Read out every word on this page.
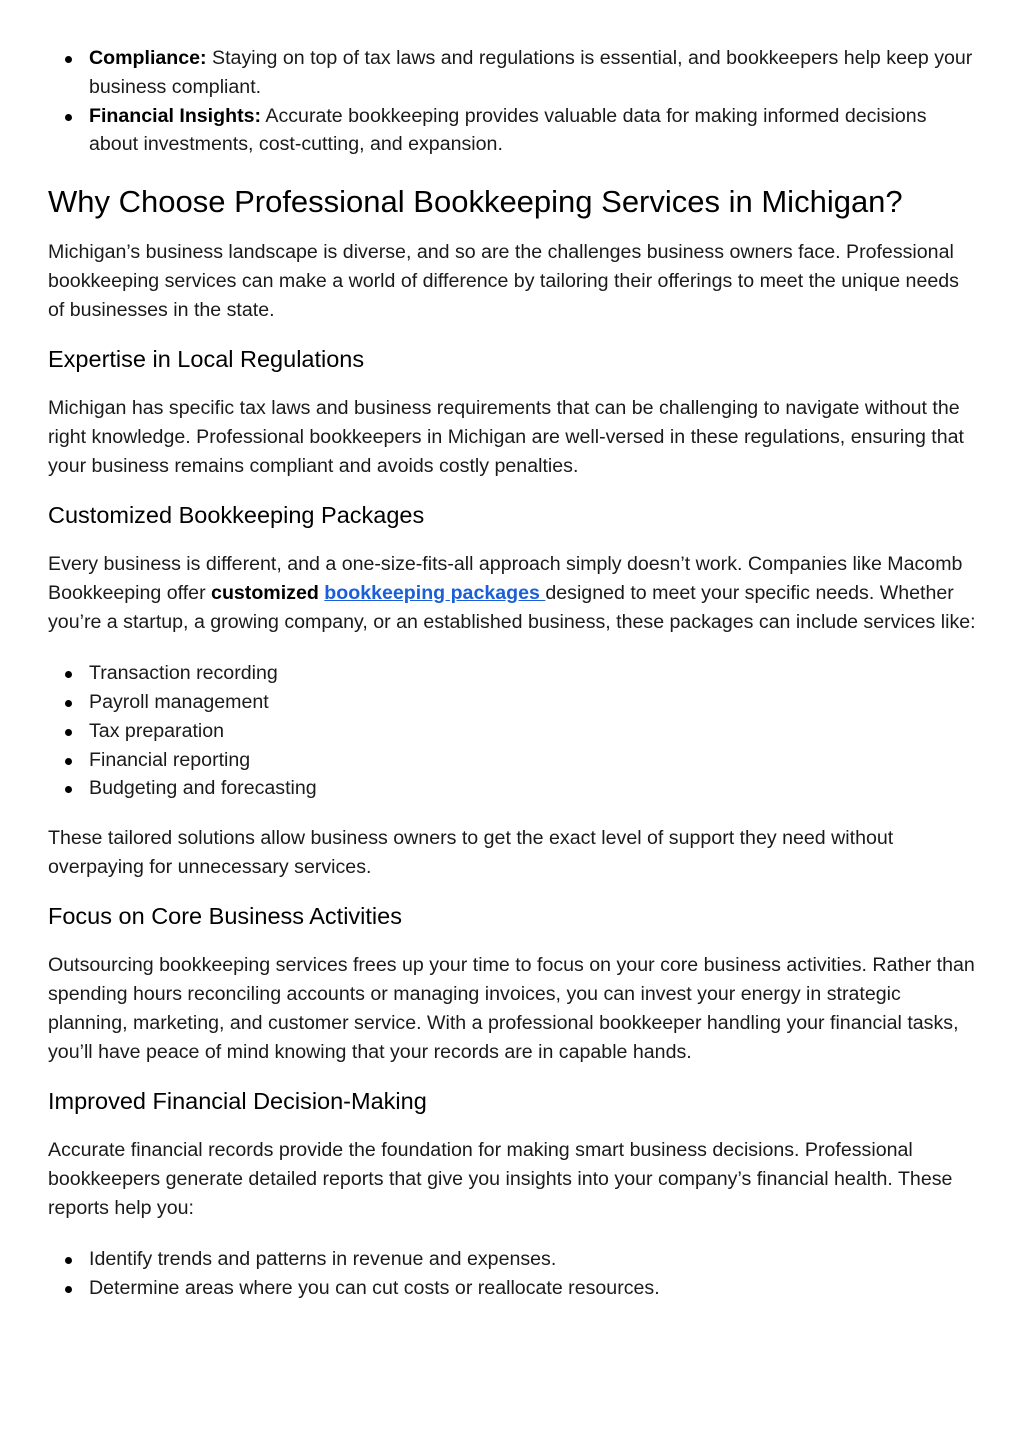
Compliance: Staying on top of tax laws and regulations is essential, and bookkeepers help keep your business compliant.
Financial Insights: Accurate bookkeeping provides valuable data for making informed decisions about investments, cost-cutting, and expansion.
Why Choose Professional Bookkeeping Services in Michigan?

Michigan’s business landscape is diverse, and so are the challenges business owners face. Professional bookkeeping services can make a world of difference by tailoring their offerings to meet the unique needs of businesses in the state.

Expertise in Local Regulations

Michigan has specific tax laws and business requirements that can be challenging to navigate without the right knowledge. Professional bookkeepers in Michigan are well-versed in these regulations, ensuring that your business remains compliant and avoids costly penalties.

Customized Bookkeeping Packages

Every business is different, and a one-size-fits-all approach simply doesn’t work. Companies like Macomb Bookkeeping offer customized bookkeeping packages designed to meet your specific needs. Whether you’re a startup, a growing company, or an established business, these packages can include services like:

Transaction recording
Payroll management
Tax preparation
Financial reporting
Budgeting and forecasting

These tailored solutions allow business owners to get the exact level of support they need without overpaying for unnecessary services.

Focus on Core Business Activities

Outsourcing bookkeeping services frees up your time to focus on your core business activities. Rather than spending hours reconciling accounts or managing invoices, you can invest your energy in strategic planning, marketing, and customer service. With a professional bookkeeper handling your financial tasks, you’ll have peace of mind knowing that your records are in capable hands.

Improved Financial Decision-Making

Accurate financial records provide the foundation for making smart business decisions. Professional bookkeepers generate detailed reports that give you insights into your company’s financial health. These reports help you:

Identify trends and patterns in revenue and expenses.
Determine areas where you can cut costs or reallocate resources.
